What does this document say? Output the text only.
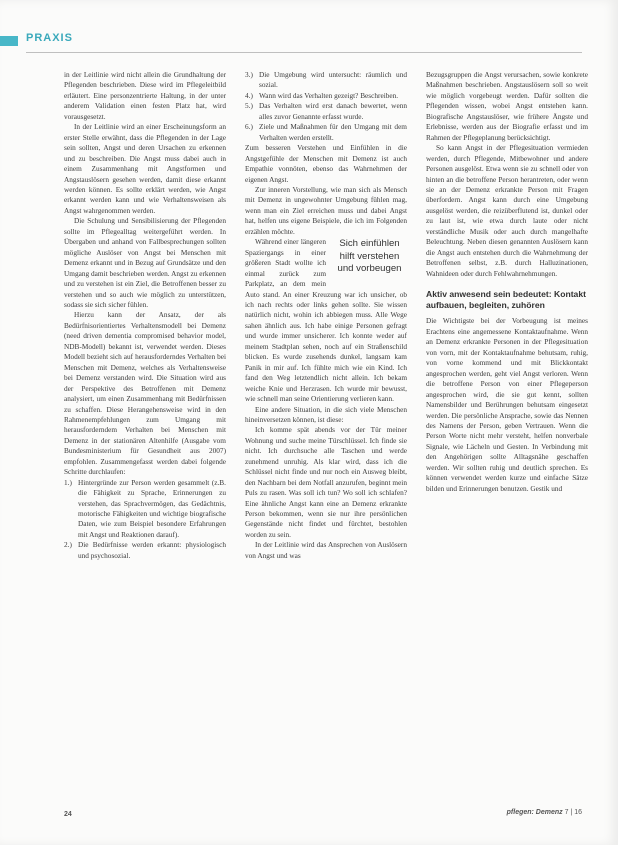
PRAXIS

in der Leitlinie wird nicht allein die Grundhaltung der Pflegenden beschrieben. Diese wird im Pflegeleitbild erläutert. Eine personzentrierte Haltung, in der unter anderem Validation einen festen Platz hat, wird vorausgesetzt.

In der Leitlinie wird an einer Erscheinungsform an erster Stelle erwähnt, dass die Pflegenden in der Lage sein sollten, Angst und deren Ursachen zu erkennen und zu beschreiben. Die Angst muss dabei auch in einem Zusammenhang mit Angstformen und Angstauslösern gesehen werden, damit diese erkannt werden können. Es sollte erklärt werden, wie Angst erkannt werden kann und wie Verhaltensweisen als Angst wahrgenommen werden.

Die Schulung und Sensibilisierung der Pflegenden sollte im Pflegealltag weitergeführt werden. In Übergaben und anhand von Fallbesprechungen sollten mögliche Auslöser von Angst bei Menschen mit Demenz erkannt und in Bezug auf Grundsätze und den Umgang damit beschrieben werden. Angst zu erkennen und zu verstehen ist ein Ziel, die Betroffenen besser zu verstehen und so auch wie möglich zu unterstützen, sodass sie sich sicher fühlen.

Hierzu kann der Ansatz, der als Bedürfnisorientiertes Verhaltensmodell bei Demenz (need driven dementia compromised behavior model, NDB-Modell) bekannt ist, verwendet werden. Dieses Modell bezieht sich auf herausforderndes Verhalten bei Menschen mit Demenz, welches als Verhaltensweise bei Demenz verstanden wird. Die Situation wird aus der Perspektive des Betroffenen mit Demenz analysiert, um einen Zusammenhang mit Bedürfnissen zu schaffen. Diese Herangehensweise wird in den Rahmenempfehlungen zum Umgang mit herausforderndem Verhalten bei Menschen mit Demenz in der stationären Altenhilfe (Ausgabe vom Bundesministerium für Gesundheit aus 2007) empfohlen. Zusammengefasst werden dabei folgende Schritte durchlaufen:

1.) Hintergründe zur Person werden gesammelt (z.B. die Fähigkeit zu Sprache, Erinnerungen zu verstehen, das Sprachvermögen, das Gedächtnis, motorische Fähigkeiten und wichtige biografische Daten, wie zum Beispiel besondere Erfahrungen mit Angst und Reaktionen darauf).
2.) Die Bedürfnisse werden erkannt: physiologisch und psychosozial.
3.) Die Umgebung wird untersucht: räumlich und sozial.
4.) Wann wird das Verhalten gezeigt? Beschreiben.
5.) Das Verhalten wird erst danach bewertet, wenn alles zuvor Genannte erfasst wurde.
6.) Ziele und Maßnahmen für den Umgang mit dem Verhalten werden erstellt.

Zum besseren Verstehen und Einfühlen in die Angstgefühle der Menschen mit Demenz ist auch Empathie vonnöten, ebenso das Wahrnehmen der eigenen Angst.

Zur inneren Vorstellung, wie man sich als Mensch mit Demenz in ungewohnter Umgebung fühlen mag, wenn man ein Ziel erreichen muss und dabei Angst hat, helfen uns eigene Beispiele, die ich im Folgenden erzählen möchte.

Sich einfühlen hilft verstehen und vorbeugen

Während einer längeren Spaziergangs in einer größeren Stadt wollte ich einmal zurück zum Parkplatz, an dem mein Auto stand. An einer Kreuzung war ich unsicher, ob ich nach rechts oder links gehen sollte. Sie wissen natürlich nicht, wohin ich abbiegen muss. Alle Wege sahen ähnlich aus. Ich habe einige Personen gefragt und wurde immer unsicherer. Ich konnte weder auf meinem Stadtplan sehen, noch auf ein Straßenschild blicken. Es wurde zusehends dunkel, langsam kam Panik in mir auf. Ich fühlte mich wie ein Kind. Ich fand den Weg letztendlich nicht allein. Ich bekam weiche Knie und Herzrasen. Ich wurde mir bewusst, wie schnell man seine Orientierung verlieren kann.

Eine andere Situation, in die sich viele Menschen hineinversetzen können, ist diese:

Ich komme spät abends vor der Tür meiner Wohnung und suche meine Türschlüssel. Ich finde sie nicht. Ich durchsuche alle Taschen und werde zunehmend unruhig. Als klar wird, dass ich die Schlüssel nicht finde und nur noch ein Ausweg bleibt, den Nachbarn bei dem Notfall anzurufen, beginnt mein Puls zu rasen. Was soll ich tun? Wo soll ich schlafen? Eine ähnliche Angst kann eine an Demenz erkrankte Person bekommen, wenn sie nur ihre persönlichen Gegenstände nicht findet und fürchtet, bestohlen worden zu sein.

In der Leitlinie wird das Ansprechen von Auslösern von Angst und was

Bezugsgruppen die Angst verursachen, sowie konkrete Maßnahmen beschrieben. Angstauslösern soll so weit wie möglich vorgebeugt werden. Dafür sollten die Pflegenden wissen, wobei Angst entstehen kann. Biografische Angstauslöser, wie frühere Ängste und Erlebnisse, werden aus der Biografie erfasst und im Rahmen der Pflegeplanung berücksichtigt.

So kann Angst in der Pflegesituation vermieden werden, durch Pflegende, Mitbewohner und andere Personen ausgelöst. Etwa wenn sie zu schnell oder von hinten an die betroffene Person herantreten, oder wenn sie an der Demenz erkrankte Person mit Fragen überfordern. Angst kann durch eine Umgebung ausgelöst werden, die reizüberflutend ist, dunkel oder zu laut ist, wie etwa durch laute oder nicht verständliche Musik oder auch durch mangelhafte Beleuchtung. Neben diesen genannten Auslösern kann die Angst auch entstehen durch die Wahrnehmung der Betroffenen selbst, z.B. durch Halluzinationen, Wahnideen oder durch Fehlwahrnehmungen.

Aktiv anwesend sein bedeutet: Kontakt aufbauen, begleiten, zuhören

Die Wichtigste bei der Vorbeugung ist meines Erachtens eine angemessene Kontaktaufnahme. Wenn an Demenz erkrankte Personen in der Pflegesituation von vorn, mit der Kontaktaufnahme behutsam, ruhig, von vorne kommend und mit Blickkontakt angesprochen werden, geht viel Angst verloren. Wenn die betroffene Person von einer Pflegeperson angesprochen wird, die sie gut kennt, sollten Namensbilder und Berührungen behutsam eingesetzt werden. Die persönliche Ansprache, sowie das Nennen des Namens der Person, geben Vertrauen. Wenn die Person Worte nicht mehr versteht, helfen nonverbale Signale, wie Lächeln und Gesten. In Verbindung mit den Angehörigen sollte Alltagsnähe geschaffen werden. Wir sollten ruhig und deutlich sprechen. Es können verwendet werden kurze und einfache Sätze bilden und Erinnerungen benutzen. Gestik und

24	pflegen: Demenz 7 | 16
